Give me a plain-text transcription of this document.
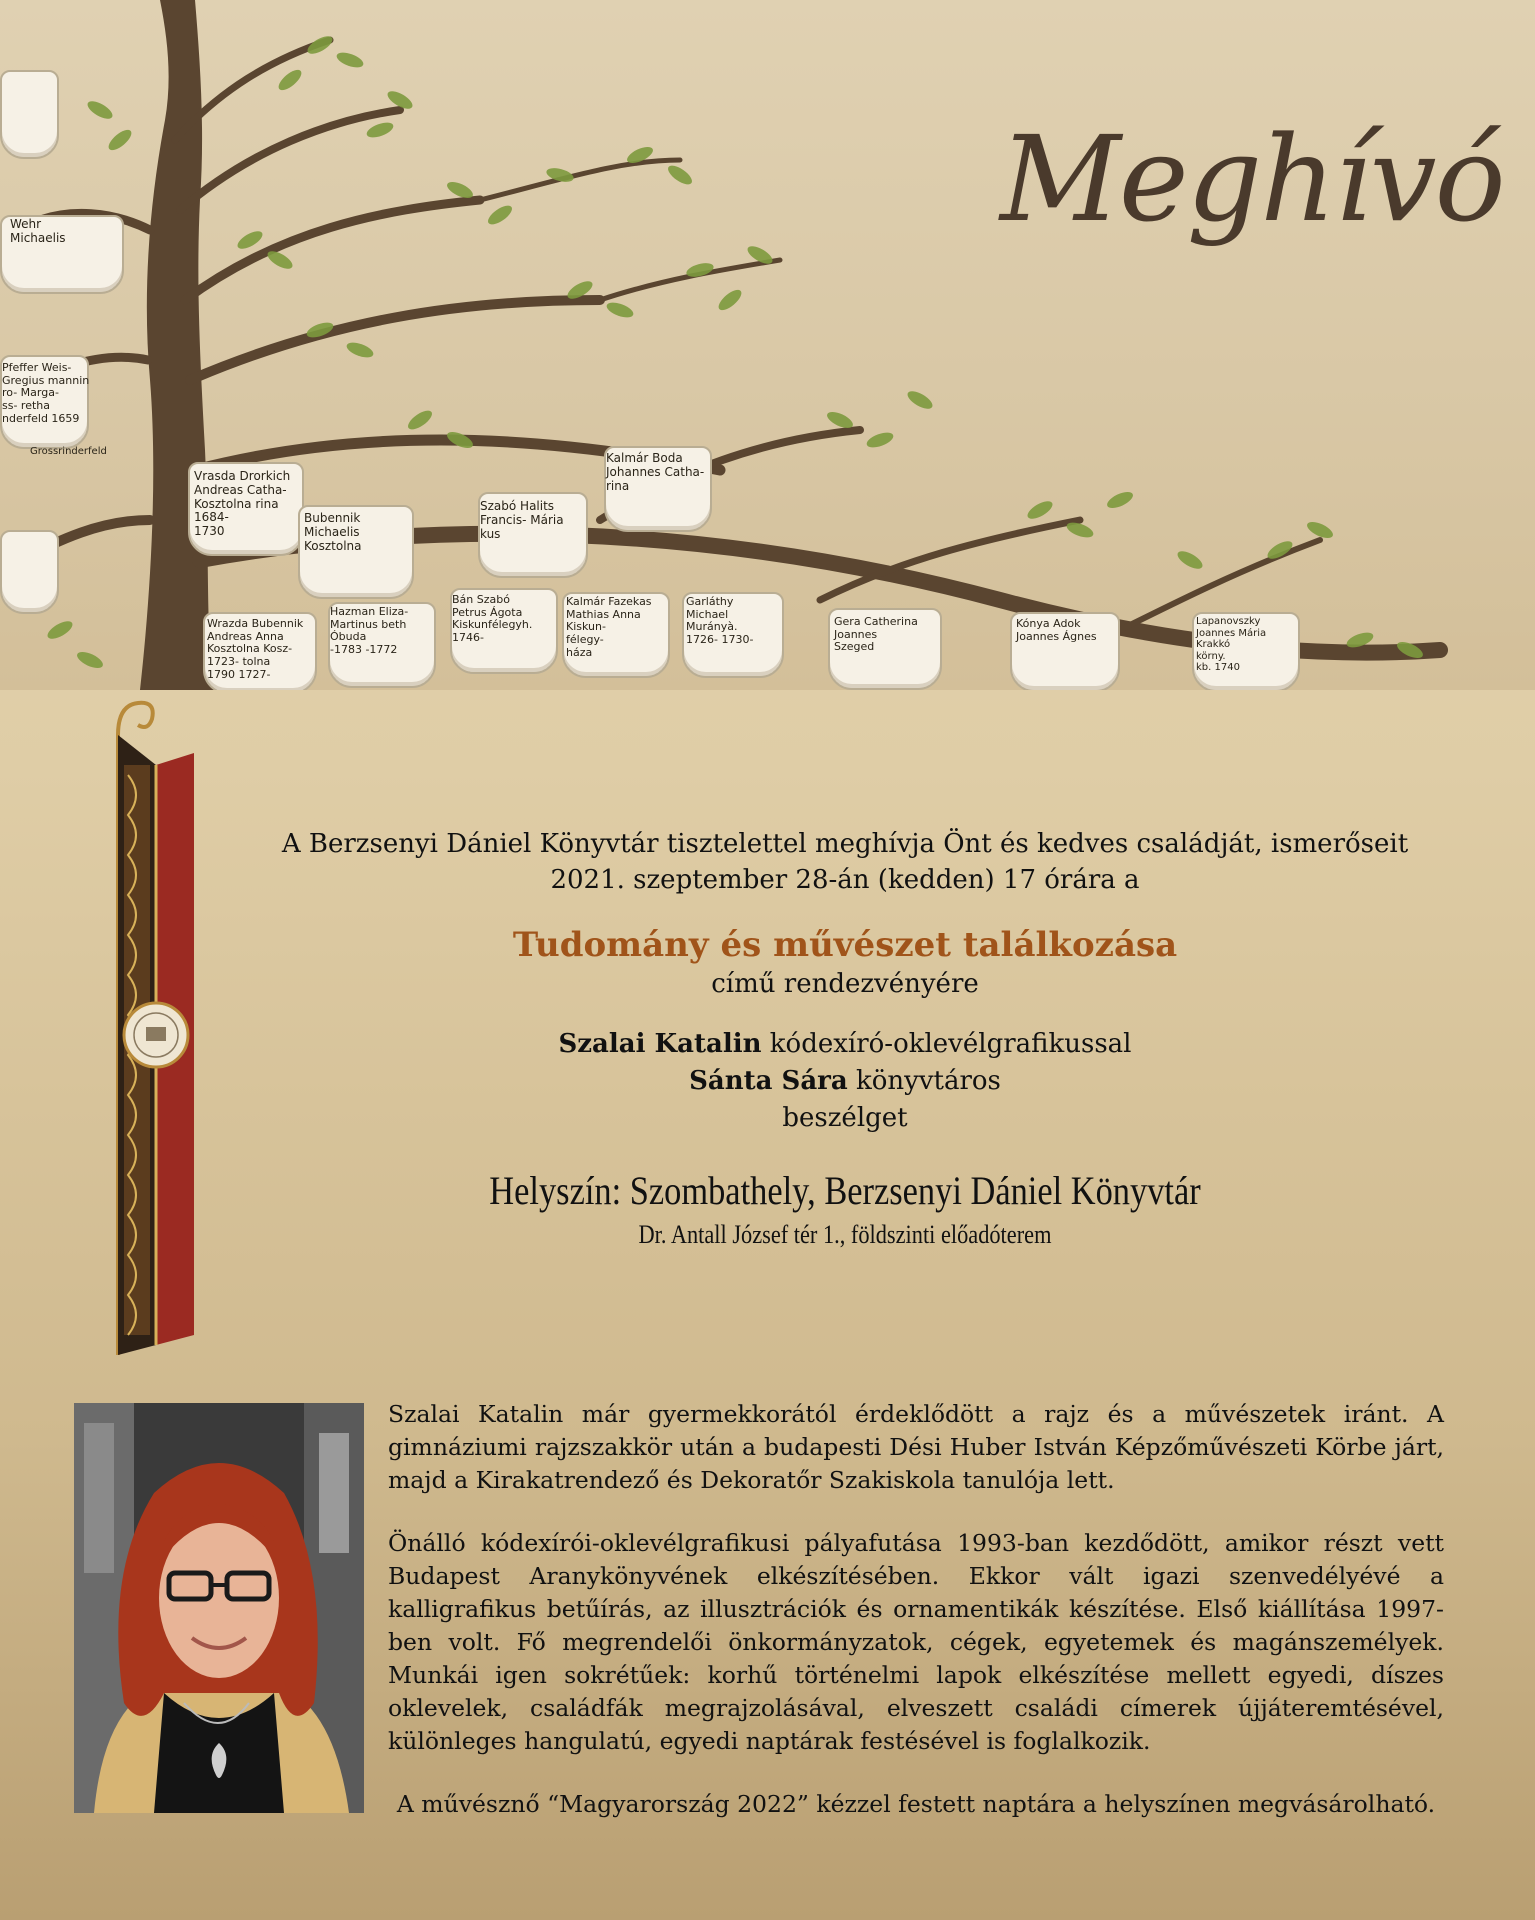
Wehr
Michaelis
Pfeffer Weis-
Gregius mannin
ro- Marga-
ss- retha
nderfeld 1659
Grossrinderfeld
Vrasda Drorkich
Andreas Catha-
Kosztolna rina
1684-
1730
Bubennik
Michaelis
Kosztolna
Szabó Halits
Francis- Mária
kus
Kalmár Boda
Johannes Catha-
rina
Wrazda Bubennik
Andreas Anna
Kosztolna Kosz-
1723- tolna
1790 1727-
Hazman Eliza-
Martinus beth
Óbuda
-1783 -1772
Bán Szabó
Petrus Ágota
Kiskunfélegyh.
1746-
Kalmár Fazekas
Mathias Anna
Kiskun-
félegy-
háza
Garláthy
Michael
Murányà.
1726- 1730-
Gera Catherina
Joannes
Szeged
Kónya Adok
Joannes Ágnes
Lapanovszky
Joannes Mária
Krakkó
körny.
kb. 1740
Meghívó
A Berzsenyi Dániel Könyvtár tisztelettel meghívja Önt és kedves családját, ismerőseit
2021. szeptember 28-án (kedden) 17 órára a
Tudomány és művészet találkozása
című rendezvényére
Szalai Katalin kódexíró-oklevélgrafikussal
Sánta Sára könyvtáros
beszélget
Helyszín: Szombathely, Berzsenyi Dániel Könyvtár
Dr. Antall József tér 1., földszinti előadóterem

Szalai Katalin már gyermekkorától érdeklődött a rajz és a művészetek iránt. A gimnáziumi rajzszakkör után a budapesti Dési Huber István Képzőművészeti Körbe járt, majd a Kirakatrendező és Dekoratőr Szakiskola tanulója lett.

Önálló kódexírói-oklevélgrafikusi pályafutása 1993-ban kezdődött, amikor részt vett Budapest Aranykönyvének elkészítésében. Ekkor vált igazi szenvedélyévé a kalligrafikus betűírás, az illusztrációk és ornamentikák készítése. Első kiállítása 1997-ben volt. Fő megrendelői önkormányzatok, cégek, egyetemek és magánszemélyek. Munkái igen sokrétűek: korhű történelmi lapok elkészítése mellett egyedi, díszes oklevelek, családfák megrajzolásával, elveszett családi címerek újjáteremtésével, különleges hangulatú, egyedi naptárak festésével is foglalkozik.

A művésznő “Magyarország 2022” kézzel festett naptára a helyszínen megvásárolható.
